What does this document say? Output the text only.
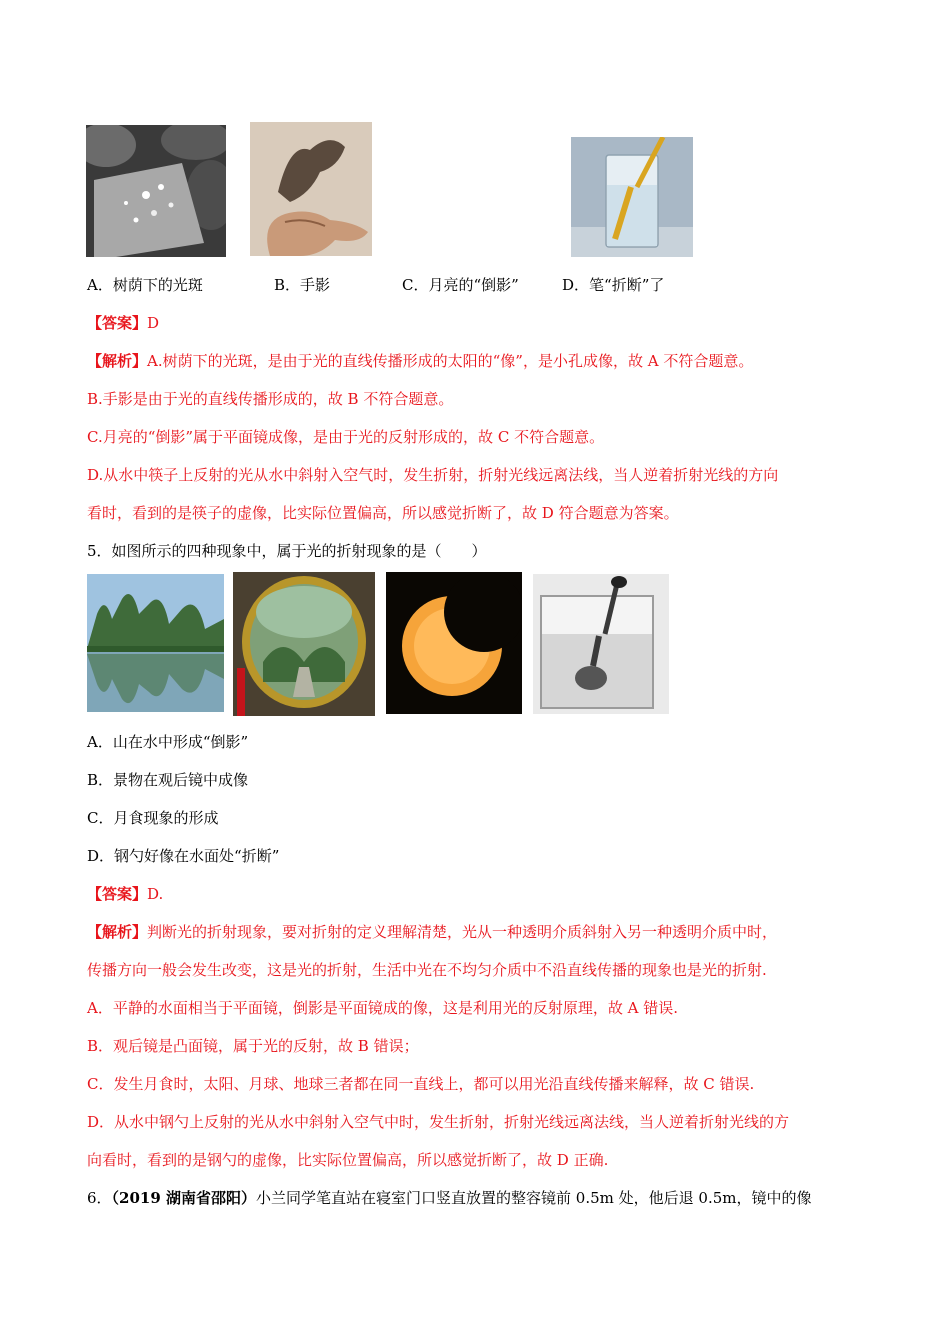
A．树荫下的光斑	B．手影	C．月亮的“倒影”	D．笔“折断”了
【答案】D
【解析】A.树荫下的光斑，是由于光的直线传播形成的太阳的“像”，是小孔成像，故 A 不符合题意。
B.手影是由于光的直线传播形成的，故 B 不符合题意。
C.月亮的“倒影”属于平面镜成像，是由于光的反射形成的，故 C 不符合题意。
D.从水中筷子上反射的光从水中斜射入空气时，发生折射，折射光线远离法线，当人逆着折射光线的方向
看时，看到的是筷子的虚像，比实际位置偏高，所以感觉折断了，故 D 符合题意为答案。
5．如图所示的四种现象中，属于光的折射现象的是（　　）
A．山在水中形成“倒影”
B．景物在观后镜中成像
C．月食现象的形成
D．钢勺好像在水面处“折断”
【答案】D.
【解析】判断光的折射现象，要对折射的定义理解清楚，光从一种透明介质斜射入另一种透明介质中时，
传播方向一般会发生改变，这是光的折射，生活中光在不均匀介质中不沿直线传播的现象也是光的折射.
A．平静的水面相当于平面镜，倒影是平面镜成的像，这是利用光的反射原理，故 A 错误.
B．观后镜是凸面镜，属于光的反射，故 B 错误；
C．发生月食时，太阳、月球、地球三者都在同一直线上，都可以用光沿直线传播来解释，故 C 错误.
D．从水中钢勺上反射的光从水中斜射入空气中时，发生折射，折射光线远离法线，当人逆着折射光线的方
向看时，看到的是钢勺的虚像，比实际位置偏高，所以感觉折断了，故 D 正确.
6．（2019 湖南省邵阳）小兰同学笔直站在寝室门口竖直放置的整容镜前 0.5m 处，他后退 0.5m，镜中的像
